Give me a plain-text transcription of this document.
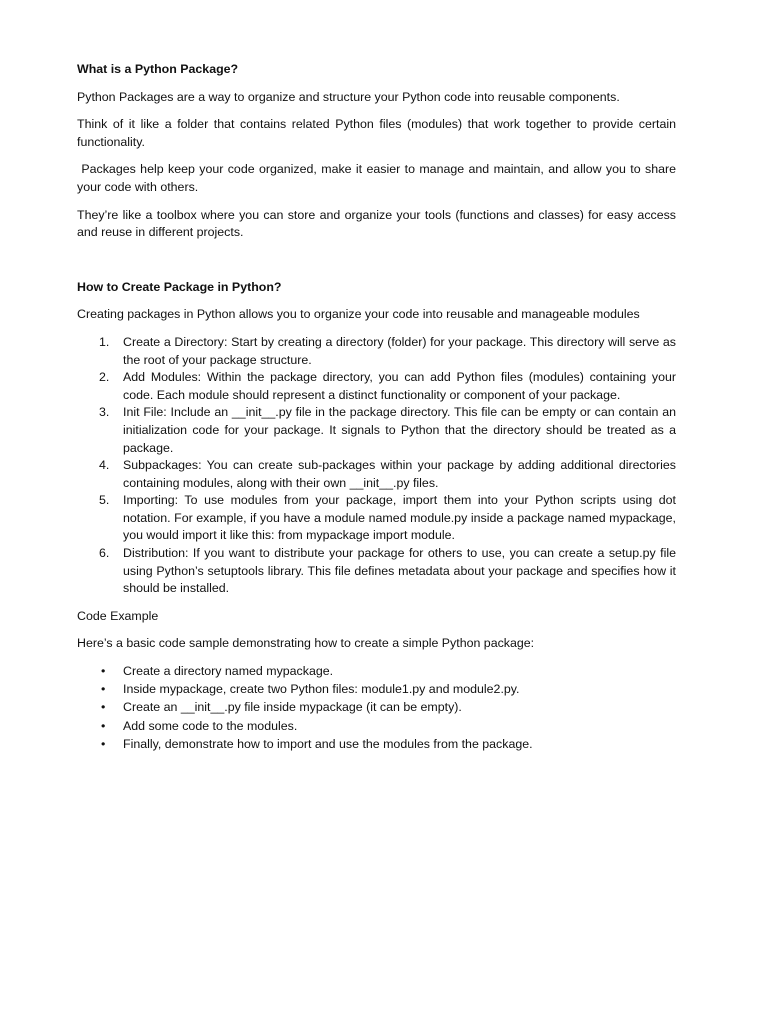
What is a Python Package?

Python Packages are a way to organize and structure your Python code into reusable components.

Think of it like a folder that contains related Python files (modules) that work together to provide certain functionality.

Packages help keep your code organized, make it easier to manage and maintain, and allow you to share your code with others.

They’re like a toolbox where you can store and organize your tools (functions and classes) for easy access and reuse in different projects.

How to Create Package in Python?

Creating packages in Python allows you to organize your code into reusable and manageable modules

1. Create a Directory: Start by creating a directory (folder) for your package. This directory will serve as the root of your package structure.
2. Add Modules: Within the package directory, you can add Python files (modules) containing your code. Each module should represent a distinct functionality or component of your package.
3. Init File: Include an __init__.py file in the package directory. This file can be empty or can contain an initialization code for your package. It signals to Python that the directory should be treated as a package.
4. Subpackages: You can create sub-packages within your package by adding additional directories containing modules, along with their own __init__.py files.
5. Importing: To use modules from your package, import them into your Python scripts using dot notation. For example, if you have a module named module.py inside a package named mypackage, you would import it like this: from mypackage import module.
6. Distribution: If you want to distribute your package for others to use, you can create a setup.py file using Python’s setuptools library. This file defines metadata about your package and specifies how it should be installed.

Code Example

Here’s a basic code sample demonstrating how to create a simple Python package:

• Create a directory named mypackage.
• Inside mypackage, create two Python files: module1.py and module2.py.
• Create an __init__.py file inside mypackage (it can be empty).
• Add some code to the modules.
• Finally, demonstrate how to import and use the modules from the package.
